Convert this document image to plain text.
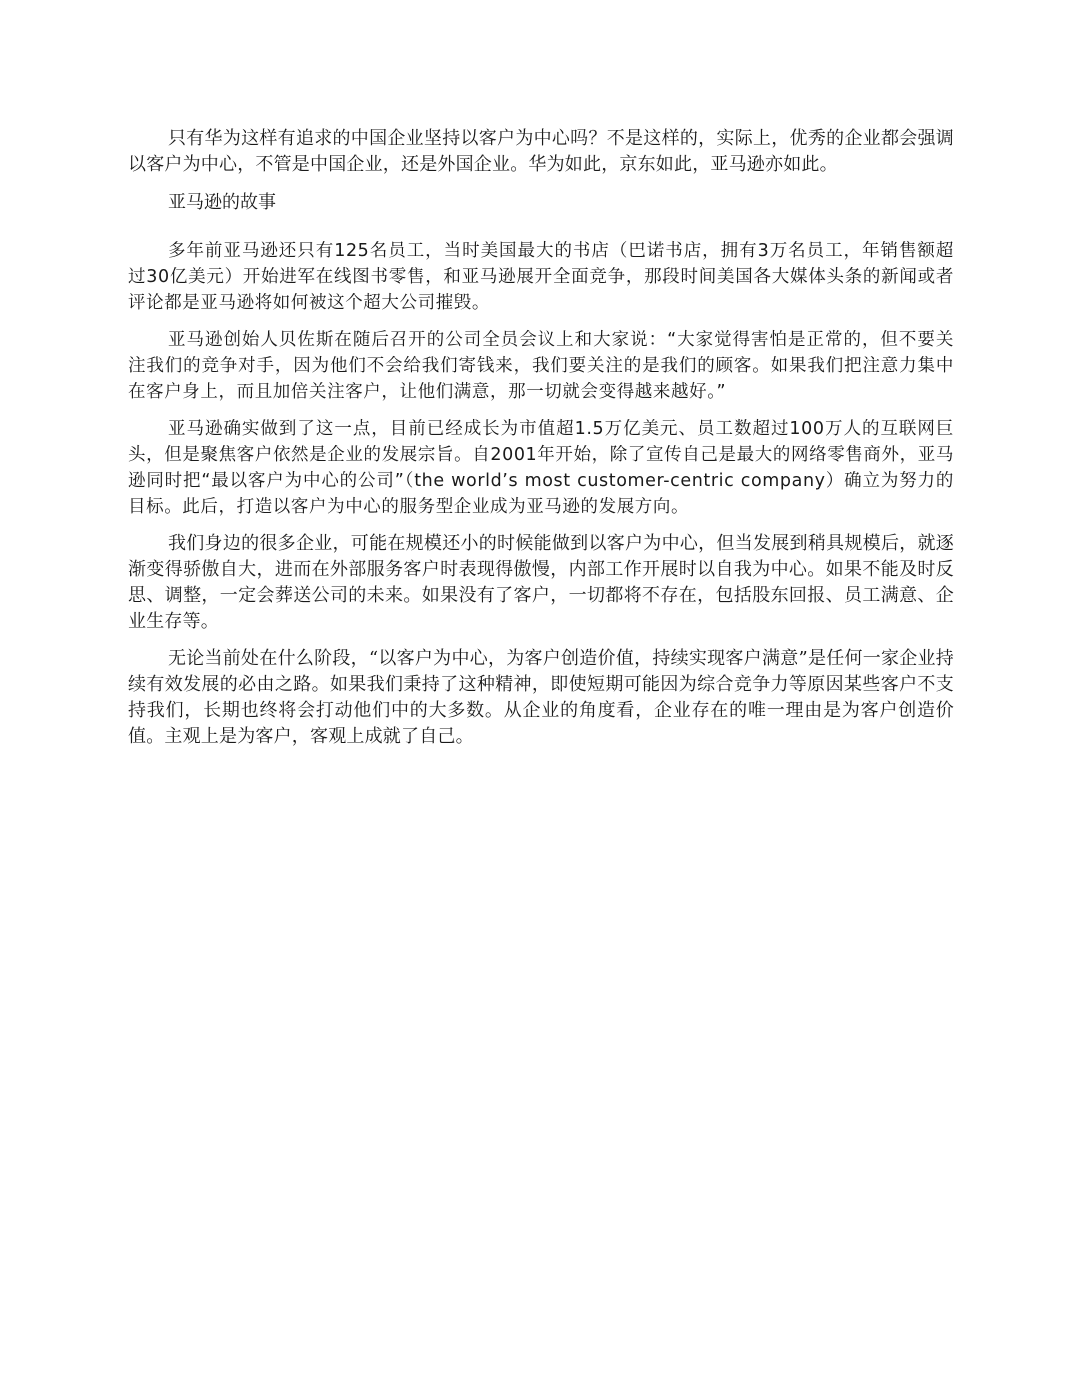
只有华为这样有追求的中国企业坚持以客户为中心吗？不是这样的，实际上，优秀的企业都会强调以客户为中心，不管是中国企业，还是外国企业。华为如此，京东如此，亚马逊亦如此。

亚马逊的故事

多年前亚马逊还只有125名员工，当时美国最大的书店（巴诺书店，拥有3万名员工，年销售额超过30亿美元）开始进军在线图书零售，和亚马逊展开全面竞争，那段时间美国各大媒体头条的新闻或者评论都是亚马逊将如何被这个超大公司摧毁。

亚马逊创始人贝佐斯在随后召开的公司全员会议上和大家说：“大家觉得害怕是正常的，但不要关注我们的竞争对手，因为他们不会给我们寄钱来，我们要关注的是我们的顾客。如果我们把注意力集中在客户身上，而且加倍关注客户，让他们满意，那一切就会变得越来越好。”

亚马逊确实做到了这一点，目前已经成长为市值超1.5万亿美元、员工数超过100万人的互联网巨头，但是聚焦客户依然是企业的发展宗旨。自2001年开始，除了宣传自己是最大的网络零售商外，亚马逊同时把“最以客户为中心的公司”（the world’s most customer-centric company）确立为努力的目标。此后，打造以客户为中心的服务型企业成为亚马逊的发展方向。

我们身边的很多企业，可能在规模还小的时候能做到以客户为中心，但当发展到稍具规模后，就逐渐变得骄傲自大，进而在外部服务客户时表现得傲慢，内部工作开展时以自我为中心。如果不能及时反思、调整，一定会葬送公司的未来。如果没有了客户，一切都将不存在，包括股东回报、员工满意、企业生存等。

无论当前处在什么阶段，“以客户为中心，为客户创造价值，持续实现客户满意”是任何一家企业持续有效发展的必由之路。如果我们秉持了这种精神，即使短期可能因为综合竞争力等原因某些客户不支持我们，长期也终将会打动他们中的大多数。从企业的角度看，企业存在的唯一理由是为客户创造价值。主观上是为客户，客观上成就了自己。
